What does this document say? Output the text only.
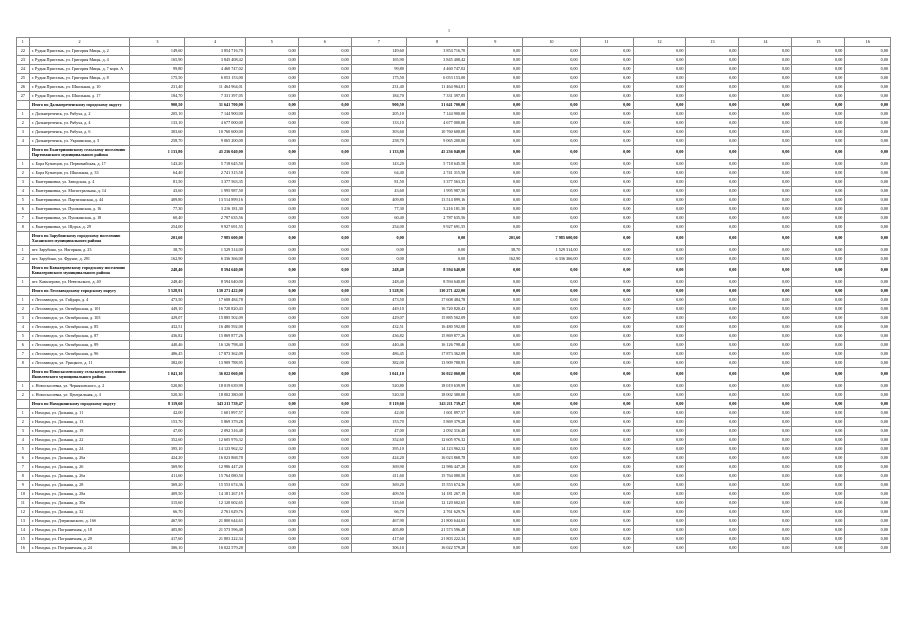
1
1	2	3	4	5	6	7	8	9	10	11	12	13	14	15	16
22	г. Рудня Пристань, ул. Григория Мицы, д. 2	149,60	3 854 716,70	0,00	0,00	149,60	3 854 716,70	0,00	0,00	0,00	0,00	0,00	0,00	0,00	0,00
23	г. Рудня Пристань, ул. Григория Мицы, д. 4	165,90	3 845 408,42	0,00	0,00	165,90	3 845 408,42	0,00	0,00	0,00	0,00	0,00	0,00	0,00	0,00
24	г. Рудня Пристань, ул. Григория Мицы, д. 7 корп. А	99,80	4 460 747,02	0,00	0,00	99,80	4 460 747,02	0,00	0,00	0,00	0,00	0,00	0,00	0,00	0,00
25	г. Рудня Пристань, ул. Григория Мицы, д. 8	175,50	6 053 153,00	0,00	0,00	175,50	6 053 153,00	0,00	0,00	0,00	0,00	0,00	0,00	0,00	0,00
26	г. Рудня Пристань, ул. Школьная, д. 10	231,40	11 464 964,01	0,00	0,00	231,40	11 464 964,01	0,00	0,00	0,00	0,00	0,00	0,00	0,00	0,00
27	г. Рудня Пристань, ул. Школьная, д. 17	184,70	7 331 397,05	0,00	0,00	184,70	7 331 397,05	0,00	0,00	0,00	0,00	0,00	0,00	0,00	0,00
	Итого по Дальнереченскому городскому округу	900,50	31 641 700,00	0,00	0,00	900,50	31 641 700,00	0,00	0,00	0,00	0,00	0,00	0,00	0,00	0,00
1	г. Дальнереченск, ул. Рябуха, д. 2	205,10	7 144 900,00	0,00	0,00	205,10	7 144 900,00	0,00	0,00	0,00	0,00	0,00	0,00	0,00	0,00
2	г. Дальнереченск, ул. Рябуха, д. 4	133,10	4 677 000,00	0,00	0,00	133,10	4 677 000,00	0,00	0,00	0,00	0,00	0,00	0,00	0,00	0,00
3	г. Дальнереченск, ул. Рябуха, д. 6	303,60	10 760 600,00	0,00	0,00	303,60	10 760 600,00	0,00	0,00	0,00	0,00	0,00	0,00	0,00	0,00
4	г. Дальнереченск, ул. Украинская, д. 3	258,70	9 065 200,00	0,00	0,00	258,70	9 065 200,00	0,00	0,00	0,00	0,00	0,00	0,00	0,00	0,00
	Итого по Екатериновскому сельскому поселению Партизанского муниципального района	1 133,80	45 236 040,00	0,00	0,00	1 133,80	45 236 040,00	0,00	0,00	0,00	0,00	0,00	0,00	0,00	0,00
1	с. Бора Кузнецов, ул. Первомайская, д. 17	143,20	5 718 645,50	0,00	0,00	143,20	5 718 645,50	0,00	0,00	0,00	0,00	0,00	0,00	0,00	0,00
2	с. Бора Кузнецов, ул. Школьная, д. 33	64,40	2 741 315,58	0,00	0,00	64,40	2 741 315,58	0,00	0,00	0,00	0,00	0,00	0,00	0,00	0,00
3	с. Екатериновка, ул. Заводская, д. 4	81,50	3 377 563,35	0,00	0,00	81,50	3 377 563,35	0,00	0,00	0,00	0,00	0,00	0,00	0,00	0,00
4	с. Екатериновка, ул. Магистральная, д. 14	43,60	1 995 987,50	0,00	0,00	43,60	1 995 987,50	0,00	0,00	0,00	0,00	0,00	0,00	0,00	0,00
5	с. Екатериновка, ул. Партизанская, д. 44	409,80	13 514 899,16	0,00	0,00	409,80	13 514 899,16	0,00	0,00	0,00	0,00	0,00	0,00	0,00	0,00
6	с. Екатериновка, ул. Пушкинская, д. 16	77,30	3 216 181,30	0,00	0,00	77,30	3 216 181,30	0,00	0,00	0,00	0,00	0,00	0,00	0,00	0,00
7	с. Екатериновка, ул. Пушкинская, д. 18	60,40	2 787 635,56	0,00	0,00	60,40	2 787 635,56	0,00	0,00	0,00	0,00	0,00	0,00	0,00	0,00
8	с. Екатериновка, ул. Щорса, д. 29	254,00	9 927 691,55	0,00	0,00	254,00	9 927 691,55	0,00	0,00	0,00	0,00	0,00	0,00	0,00	0,00
	Итого по Зарубинскому городскому поселению Хасанского муниципального района	201,60	7 985 600,00	0,00	0,00	0,00	0,00	201,60	7 985 600,00	0,00	0,00	0,00	0,00	0,00	0,00
1	пгт. Зарубино, ул. Нагорная, д. 23	38,70	1 529 314,00	0,00	0,00	0,00	0,00	38,70	1 529 314,00	0,00	0,00	0,00	0,00	0,00	0,00
2	пгт. Зарубино, ул. Фрунзе, д. 291	162,90	6 336 366,00	0,00	0,00	0,00	0,00	162,90	6 336 366,00	0,00	0,00	0,00	0,00	0,00	0,00
	Итого по Кавалеровскому городскому поселению Кавалеровского муниципального района	248,40	8 594 640,00	0,00	0,00	248,40	8 594 640,00	0,00	0,00	0,00	0,00	0,00	0,00	0,00	0,00
1	пгт. Кавалерово, ул. Невельского, д. 40	248,40	8 594 640,00	0,00	0,00	248,40	8 594 640,00	0,00	0,00	0,00	0,00	0,00	0,00	0,00	0,00
	Итого по Лесозаводскому городскому округу	3 528,91	130 271 422,00	0,00	0,00	3 528,91	130 271 422,00	0,00	0,00	0,00	0,00	0,00	0,00	0,00	0,00
1	г. Лесозаводск, ул. Гайдара, д. 4	473,50	17 608 484,78	0,00	0,00	473,50	17 608 484,78	0,00	0,00	0,00	0,00	0,00	0,00	0,00	0,00
2	г. Лесозаводск, ул. Октябрьская, д. 101	449,10	16 720 820,43	0,00	0,00	449,10	16 720 820,43	0,00	0,00	0,00	0,00	0,00	0,00	0,00	0,00
3	г. Лесозаводск, ул. Октябрьская, д. 103	429,07	15 885 502,09	0,00	0,00	429,07	15 885 502,09	0,00	0,00	0,00	0,00	0,00	0,00	0,00	0,00
4	г. Лесозаводск, ул. Октябрьская, д. 85	432,51	16 480 592,00	0,00	0,00	432,51	16 480 592,00	0,00	0,00	0,00	0,00	0,00	0,00	0,00	0,00
5	г. Лесозаводск, ул. Октябрьская, д. 87	436,82	15 869 877,26	0,00	0,00	436,82	15 869 877,26	0,00	0,00	0,00	0,00	0,00	0,00	0,00	0,00
6	г. Лесозаводск, ул. Октябрьская, д. 89	440,46	16 126 798,40	0,00	0,00	440,46	16 126 798,40	0,00	0,00	0,00	0,00	0,00	0,00	0,00	0,00
7	г. Лесозаводск, ул. Октябрьская, д. 96	486,45	17 873 362,09	0,00	0,00	486,45	17 873 362,09	0,00	0,00	0,00	0,00	0,00	0,00	0,00	0,00
8	г. Лесозаводск, ул. Урицкого, д. 11	382,00	13 909 788,95	0,00	0,00	382,00	13 909 788,95	0,00	0,00	0,00	0,00	0,00	0,00	0,00	0,00
	Итого по Новосысоевскому сельскому поселению Яковлевского муниципального района	1 041,10	36 022 060,00	0,00	0,00	1 041,10	36 022 060,00	0,00	0,00	0,00	0,00	0,00	0,00	0,00	0,00
1	с. Новосысоевка, ул. Черняховского, д. 2	520,80	18 019 639,99	0,00	0,00	520,80	18 019 639,99	0,00	0,00	0,00	0,00	0,00	0,00	0,00	0,00
2	с. Новосысоевка, ул. Центральная, д. 4	520,30	18 002 380,00	0,00	0,00	520,30	18 002 380,00	0,00	0,00	0,00	0,00	0,00	0,00	0,00	0,00
	Итого по Находкинскому городскому округу	8 119,60	343 211 739,47	0,00	0,00	8 119,60	343 211 739,47	0,00	0,00	0,00	0,00	0,00	0,00	0,00	0,00
1	г. Находка, ул. Дальняя, д. 11	42,00	1 601 897,57	0,00	0,00	42,00	1 601 897,57	0,00	0,00	0,00	0,00	0,00	0,00	0,00	0,00
2	г. Находка, ул. Дальняя, д. 13	153,70	5 869 379,28	0,00	0,00	153,70	5 869 379,28	0,00	0,00	0,00	0,00	0,00	0,00	0,00	0,00
3	г. Находка, ул. Дальняя, д. 19	47,00	2 092 316,48	0,00	0,00	47,00	2 092 316,48	0,00	0,00	0,00	0,00	0,00	0,00	0,00	0,00
4	г. Находка, ул. Дальняя, д. 22	352,60	12 605 976,32	0,00	0,00	352,60	12 605 976,32	0,00	0,00	0,00	0,00	0,00	0,00	0,00	0,00
5	г. Находка, ул. Дальняя, д. 24	395,10	14 123 962,32	0,00	0,00	395,10	14 123 962,32	0,00	0,00	0,00	0,00	0,00	0,00	0,00	0,00
6	г. Находка, ул. Дальняя, д. 26а	424,20	16 023 868,78	0,00	0,00	424,20	16 023 868,78	0,00	0,00	0,00	0,00	0,00	0,00	0,00	0,00
7	г. Находка, ул. Дальняя, д. 26	369,90	12 986 447,20	0,00	0,00	369,90	12 986 447,20	0,00	0,00	0,00	0,00	0,00	0,00	0,00	0,00
8	г. Находка, ул. Дальняя, д. 26а	411,60	15 764 080,50	0,00	0,00	411,60	15 764 080,50	0,00	0,00	0,00	0,00	0,00	0,00	0,00	0,00
9	г. Находка, ул. Дальняя, д. 28	369,20	15 553 674,36	0,00	0,00	369,20	15 553 674,36	0,00	0,00	0,00	0,00	0,00	0,00	0,00	0,00
10	г. Находка, ул. Дальняя, д. 28а	409,50	14 181 267,19	0,00	0,00	409,50	14 181 267,19	0,00	0,00	0,00	0,00	0,00	0,00	0,00	0,00
11	г. Находка, ул. Дальняя, д. 30а	315,60	12 120 602,65	0,00	0,00	315,60	12 120 602,65	0,00	0,00	0,00	0,00	0,00	0,00	0,00	0,00
12	г. Находка, ул. Дальняя, д. 32	66,70	2 761 629,76	0,00	0,00	66,70	2 761 629,76	0,00	0,00	0,00	0,00	0,00	0,00	0,00	0,00
13	г. Находка, ул. Дзержинского, д. 16б	467,90	21 800 644,63	0,00	0,00	467,90	21 800 644,63	0,00	0,00	0,00	0,00	0,00	0,00	0,00	0,00
14	г. Находка, ул. Пограничная, д. 18	405,80	21 573 596,48	0,00	0,00	405,80	21 573 596,48	0,00	0,00	0,00	0,00	0,00	0,00	0,00	0,00
15	г. Находка, ул. Пограничная, д. 20	417,60	21 803 222,34	0,00	0,00	417,60	21 803 222,34	0,00	0,00	0,00	0,00	0,00	0,00	0,00	0,00
16	г. Находка, ул. Пограничная, д. 24	306,10	16 022 579,28	0,00	0,00	306,10	16 022 579,28	0,00	0,00	0,00	0,00	0,00	0,00	0,00	0,00
